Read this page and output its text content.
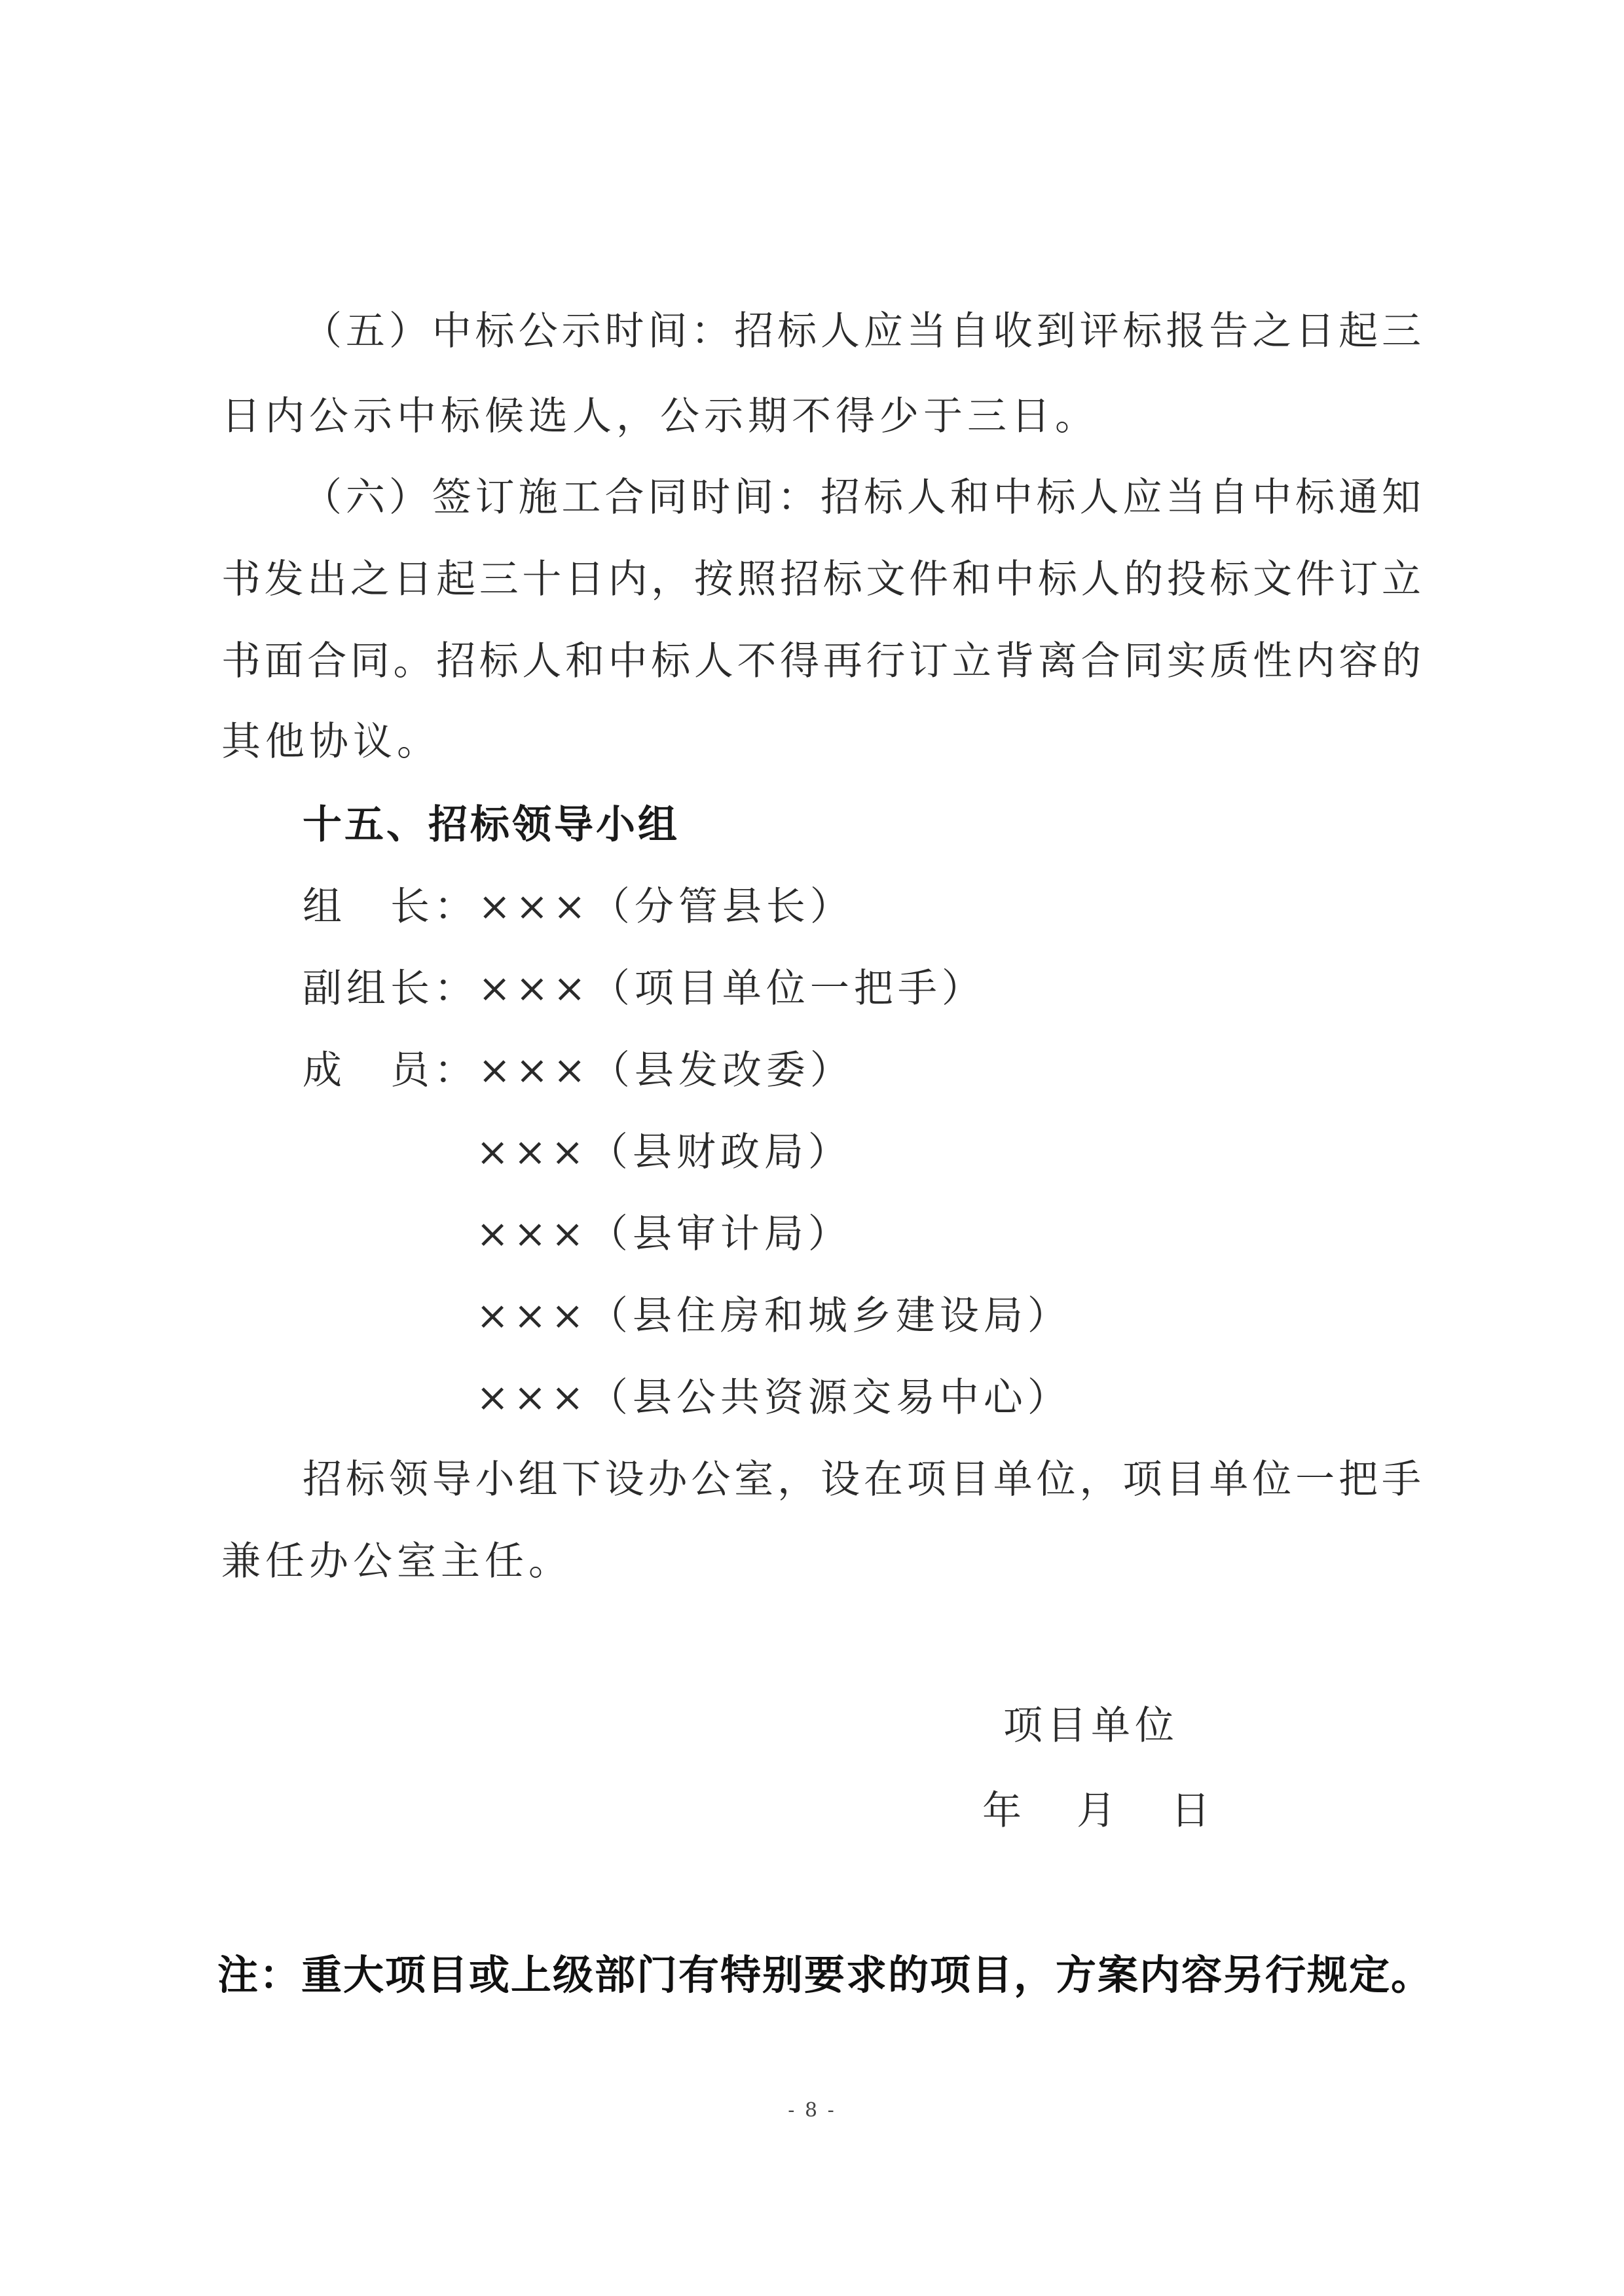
（五）中标公示时间：招标人应当自收到评标报告之日起三
日内公示中标候选人，公示期不得少于三日。
（六）签订施工合同时间：招标人和中标人应当自中标通知
书发出之日起三十日内，按照招标文件和中标人的投标文件订立
书面合同。招标人和中标人不得再行订立背离合同实质性内容的
其他协议。
十五、招标领导小组
组　长：×××（分管县长）
副组长：×××（项目单位一把手）
成　员：×××（县发改委）
×××（县财政局）
×××（县审计局）
×××（县住房和城乡建设局）
×××（县公共资源交易中心）
招标领导小组下设办公室，设在项目单位，项目单位一把手
兼任办公室主任。
项目单位
年　月　日
注：重大项目或上级部门有特别要求的项目，方案内容另行规定。
- 8 -
